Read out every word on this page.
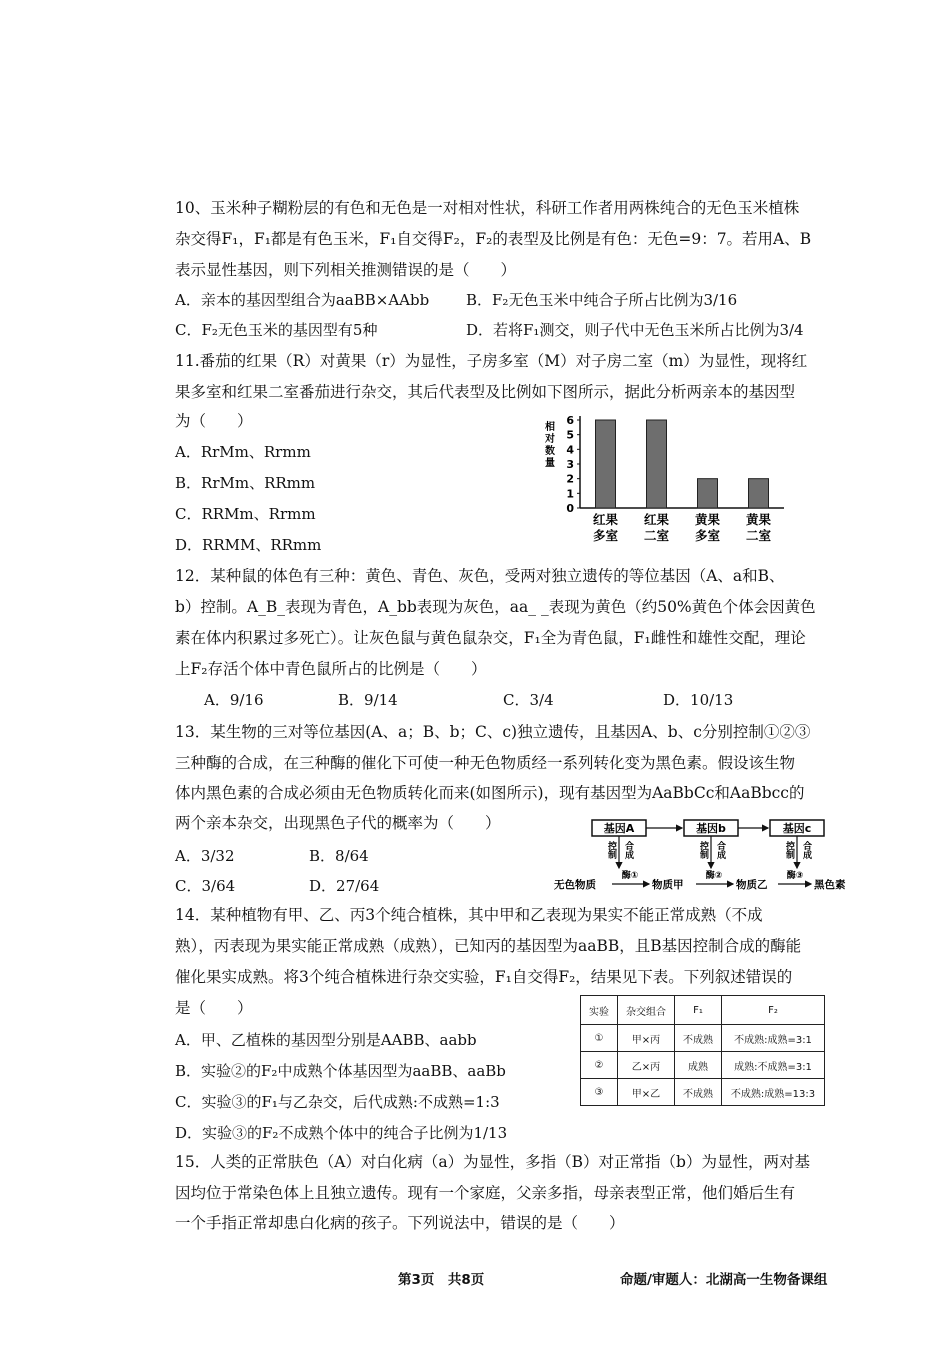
10、玉米种子糊粉层的有色和无色是一对相对性状，科研工作者用两株纯合的无色玉米植株
杂交得F₁，F₁都是有色玉米，F₁自交得F₂，F₂的表型及比例是有色：无色=9：7。若用A、B
表示显性基因，则下列相关推测错误的是（　　）
A．亲本的基因型组合为aaBB×AAbb B．F₂无色玉米中纯合子所占比例为3/16
C．F₂无色玉米的基因型有5种	D．若将F₁测交，则子代中无色玉米所占比例为3/4
11.番茄的红果（R）对黄果（r）为显性，子房多室（M）对子房二室（m）为显性，现将红
果多室和红果二室番茄进行杂交，其后代表型及比例如下图所示，据此分析两亲本的基因型
为（　　）
A．RrMm、Rrmm
B．RrMm、RRmm
C．RRMm、Rrmm
D．RRMM、RRmm
相
对
数
量
0
1
2
3
4
5
6
红果
多室
红果
二室
黄果
多室
黄果
二室
12．某种鼠的体色有三种：黄色、青色、灰色，受两对独立遗传的等位基因（A、a和B、
b）控制。A_B_表现为青色，A_bb表现为灰色，aa_ _表现为黄色（约50%黄色个体会因黄色
素在体内积累过多死亡）。让灰色鼠与黄色鼠杂交，F₁全为青色鼠，F₁雌性和雄性交配，理论
上F₂存活个体中青色鼠所占的比例是（　　）
A．9/16	B．9/14	C．3/4	D．10/13
13．某生物的三对等位基因(A、a；B、b；C、c)独立遗传，且基因A、b、c分别控制①②③
三种酶的合成，在三种酶的催化下可使一种无色物质经一系列转化变为黑色素。假设该生物
体内黑色素的合成必须由无色物质转化而来(如图所示)，现有基因型为AaBbCc和AaBbcc的
两个亲本杂交，出现黑色子代的概率为（　　）
A．3/32	B．8/64
C．3/64	D．27/64
基因A	基因b	基因c
控制 合成	控制 合成	控制 合成
无色物质	物质甲	物质乙	黑色素
酶①	酶②	酶③
14．某种植物有甲、乙、丙3个纯合植株，其中甲和乙表现为果实不能正常成熟（不成
熟），丙表现为果实能正常成熟（成熟），已知丙的基因型为aaBB，且B基因控制合成的酶能
催化果实成熟。将3个纯合植株进行杂交实验，F₁自交得F₂，结果见下表。下列叙述错误的
是（　　）
A．甲、乙植株的基因型分别是AABB、aabb
B．实验②的F₂中成熟个体基因型为aaBB、aaBb
C．实验③的F₁与乙杂交，后代成熟:不成熟=1:3
D．实验③的F₂不成熟个体中的纯合子比例为1/13
实验	杂交组合	F₁	F₂
①	甲×丙	不成熟	不成熟:成熟=3:1
②	乙×丙	成熟	成熟:不成熟=3:1
③	甲×乙	不成熟	不成熟:成熟=13:3
15．人类的正常肤色（A）对白化病（a）为显性，多指（B）对正常指（b）为显性，两对基
因均位于常染色体上且独立遗传。现有一个家庭，父亲多指，母亲表型正常，他们婚后生有
一个手指正常却患白化病的孩子。下列说法中，错误的是（　　）
第3页　共8页	命题/审题人：北湖高一生物备课组
